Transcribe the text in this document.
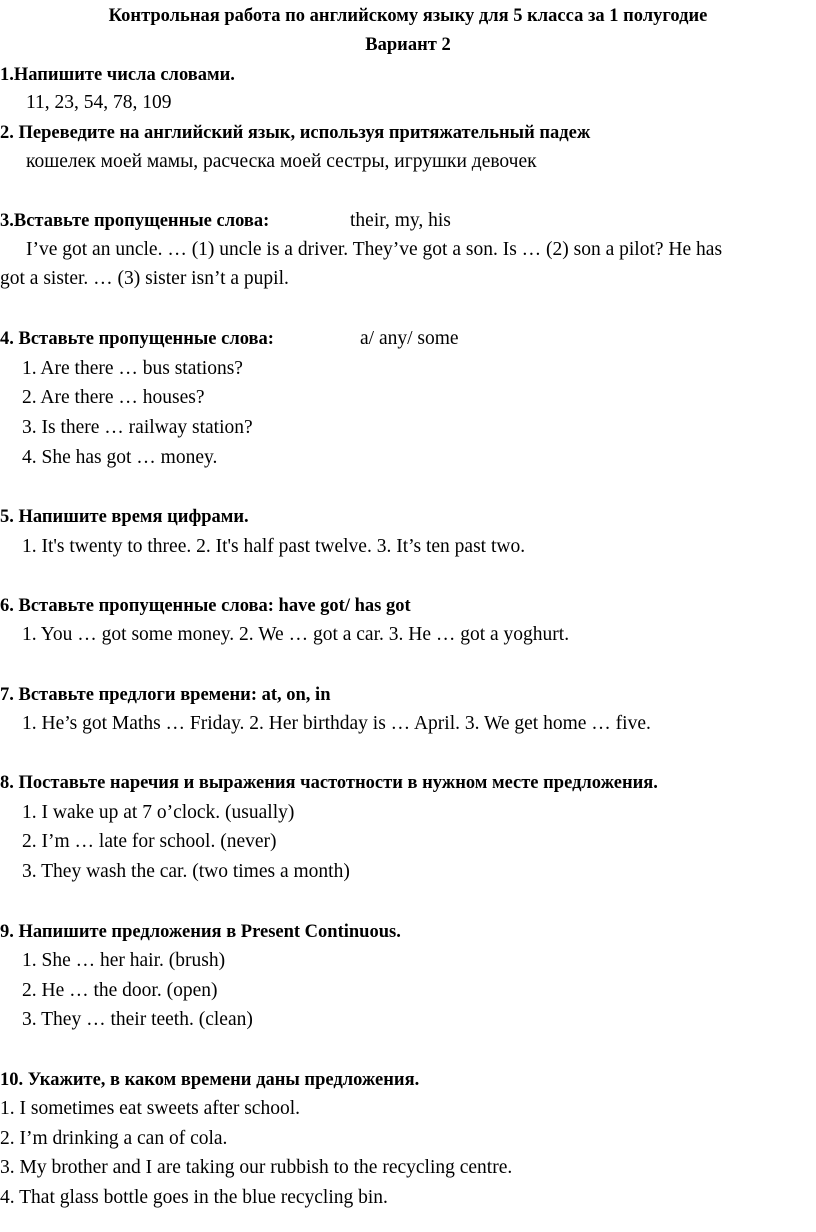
Контрольная работа по английскому языку для 5 класса за 1 полугодие
Вариант 2
1.Напишите числа словами.
11, 23, 54, 78, 109
2. Переведите на английский язык, используя притяжательный падеж
кошелек моей мамы, расческа моей сестры, игрушки девочек
3.Вставьте пропущенные слова:	their, my, his
I’ve got an uncle. … (1) uncle is a driver. They’ve got a son. Is … (2) son a pilot? He has
got a sister. … (3) sister isn’t a pupil.
4. Вставьте пропущенные слова:	a/ any/ some
1. Are there … bus stations?
2. Are there … houses?
3. Is there … railway station?
4. She has got … money.
5. Напишите время цифрами.
1. It's twenty to three. 2. It's half past twelve. 3. It’s ten past two.
6. Вставьте пропущенные слова: have got/ has got
1. You … got some money. 2. We … got a car. 3. He … got a yoghurt.
7. Вставьте предлоги времени: at, on, in
1. He’s got Maths … Friday. 2. Her birthday is … April. 3. We get home … five.
8. Поставьте наречия и выражения частотности в нужном месте предложения.
1. I wake up at 7 o’clock. (usually)
2. I’m … late for school. (never)
3. They wash the car. (two times a month)
9. Напишите предложения в Present Continuous.
1. She … her hair. (brush)
2. He … the door. (open)
3. They … their teeth. (clean)
10. Укажите, в каком времени даны предложения.
1. I sometimes eat sweets after school.
2. I’m drinking a can of cola.
3. My brother and I are taking our rubbish to the recycling centre.
4. That glass bottle goes in the blue recycling bin.
